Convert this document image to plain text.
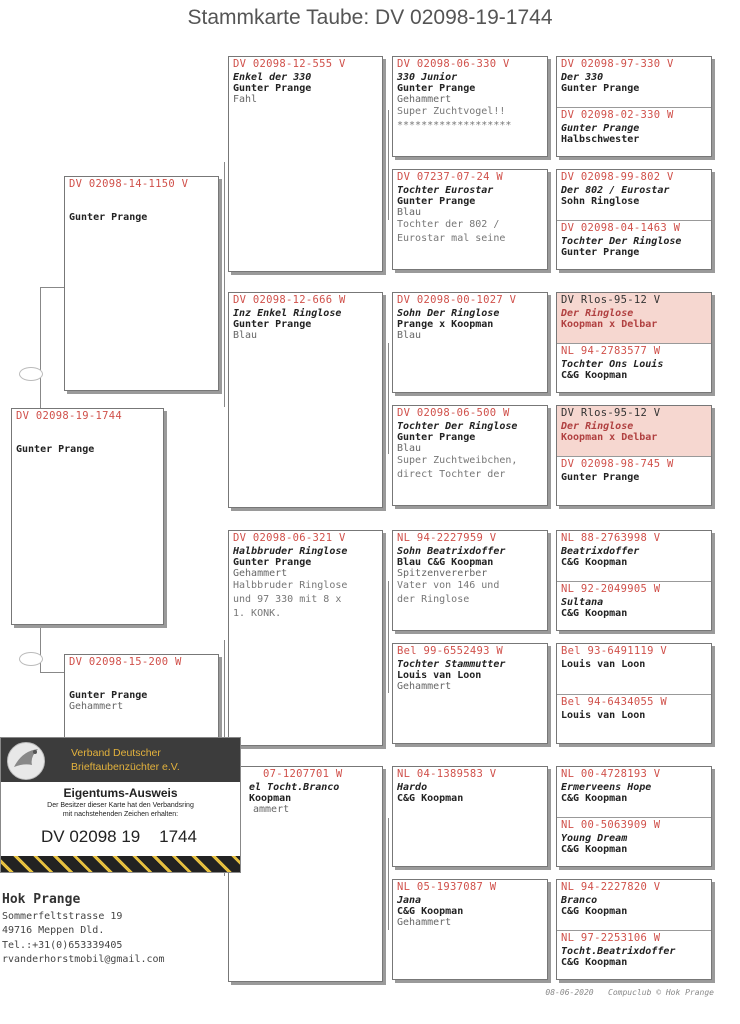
Stammkarte Taube: DV 02098-19-1744
DV 02098-19-1744
Gunter Prange
DV 02098-14-1150 V
Gunter Prange
DV 02098-15-200 W
Gunter Prange
Gehammert
DV 02098-12-555 V
Enkel der 330
Gunter Prange
Fahl
DV 02098-12-666 W
Inz Enkel Ringlose
Gunter Prange
Blau
DV 02098-06-321 V
Halbbruder Ringlose
Gunter Prange
Gehammert
Halbbruder Ringlose
und 97 330 mit 8 x
1. KONK.
07-1207701 W
el Tocht.Branco
Koopman
ammert
DV 02098-06-330 V
330 Junior
Gunter Prange
Gehammert
Super Zuchtvogel!!
*******************
DV 07237-07-24 W
Tochter Eurostar
Gunter Prange
Blau
Tochter der 802 /
Eurostar mal seine
DV 02098-00-1027 V
Sohn Der Ringlose
Prange x Koopman
Blau
DV 02098-06-500 W
Tochter Der Ringlose
Gunter Prange
Blau
Super Zuchtweibchen,
direct Tochter der
NL 94-2227959 V
Sohn Beatrixdoffer
Blau C&G Koopman
Spitzenvererber
Vater von 146 und
der Ringlose
Bel 99-6552493 W
Tochter Stammutter
Louis van Loon
Gehammert
NL 04-1389583 V
Hardo
C&G Koopman
NL 05-1937087 W
Jana
C&G Koopman
Gehammert
DV 02098-97-330 V
Der 330
Gunter Prange
DV 02098-02-330 W
Gunter Prange
Halbschwester
DV 02098-99-802 V
Der 802 / Eurostar
Sohn Ringlose
DV 02098-04-1463 W
Tochter Der Ringlose
Gunter Prange
DV Rlos-95-12 V
Der Ringlose
Koopman x Delbar
NL 94-2783577 W
Tochter Ons Louis
C&G Koopman
DV Rlos-95-12 V
Der Ringlose
Koopman x Delbar
DV 02098-98-745 W
Gunter Prange
NL 88-2763998 V
Beatrixdoffer
C&G Koopman
NL 92-2049905 W
Sultana
C&G Koopman
Bel 93-6491119 V
Louis van Loon
Bel 94-6434055 W
Louis van Loon
NL 00-4728193 V
Ermerveens Hope
C&G Koopman
NL 00-5063909 W
Young Dream
C&G Koopman
NL 94-2227820 V
Branco
C&G Koopman
NL 97-2253106 W
Tocht.Beatrixdoffer
C&G Koopman
Verband Deutscher
Brieftaubenzüchter e.V.
Eigentums-Ausweis
Der Besitzer dieser Karte hat den Verbandsring
mit nachstehenden Zeichen erhalten:
DV 02098 19    1744
Hok Prange
Sommerfeltstrasse 19
49716 Meppen Dld.
Tel.:+31(0)653339405
rvanderhorstmobil@gmail.com
08-06-2020   Compuclub © Hok Prange
